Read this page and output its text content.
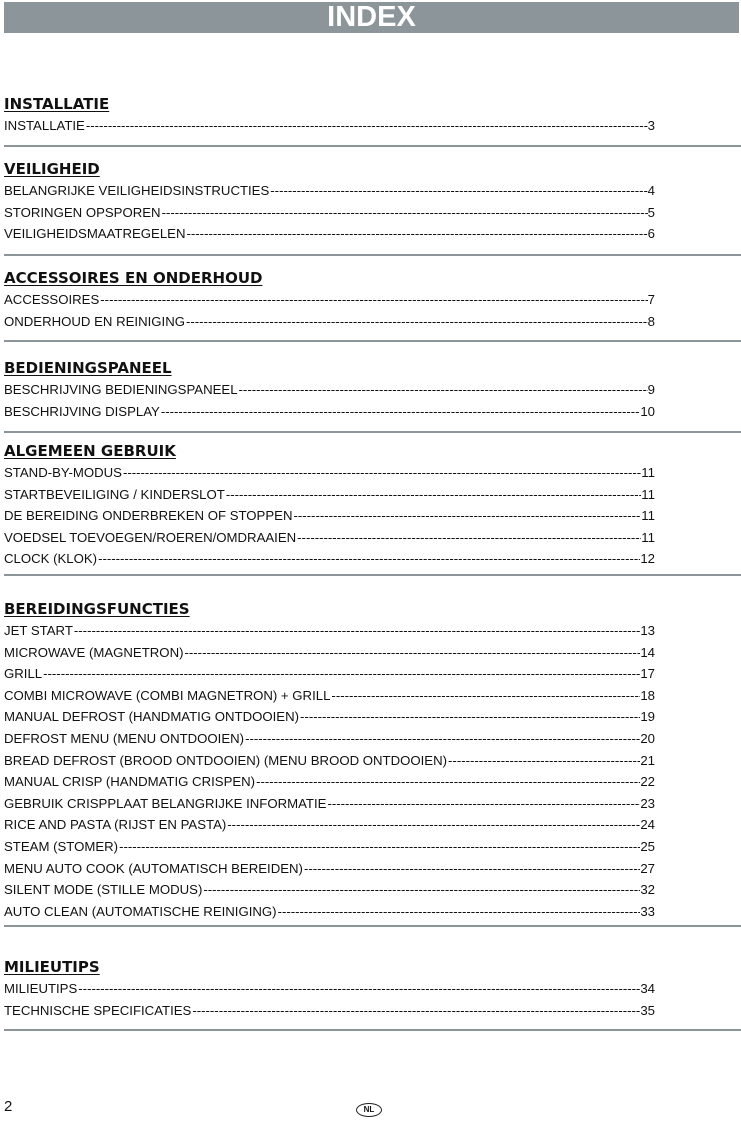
INDEX
INSTALLATIE
INSTALLATIE -----	3
VEILIGHEID
BELANGRIJKE VEILIGHEIDSINSTRUCTIES -----	4
STORINGEN OPSPOREN -----	5
VEILIGHEIDSMAATREGELEN -----	6
ACCESSOIRES EN ONDERHOUD
ACCESSOIRES -----	7
ONDERHOUD EN REINIGING -----	8
BEDIENINGSPANEEL
BESCHRIJVING BEDIENINGSPANEEL -----	9
BESCHRIJVING DISPLAY -----	10
ALGEMEEN GEBRUIK
STAND-BY-MODUS -----	11
STARTBEVEILIGING / KINDERSLOT -----	11
DE BEREIDING ONDERBREKEN OF STOPPEN -----	11
VOEDSEL TOEVOEGEN/ROEREN/OMDRAAIEN -----	11
CLOCK (KLOK) -----	12
BEREIDINGSFUNCTIES
JET START -----	13
MICROWAVE (MAGNETRON) -----	14
GRILL -----	17
COMBI MICROWAVE (COMBI MAGNETRON) + GRILL -----	18
MANUAL DEFROST (HANDMATIG ONTDOOIEN) -----	19
DEFROST MENU (MENU ONTDOOIEN) -----	20
BREAD DEFROST (BROOD ONTDOOIEN) (MENU BROOD ONTDOOIEN) -----	21
MANUAL CRISP (HANDMATIG CRISPEN) -----	22
GEBRUIK CRISPPLAAT BELANGRIJKE INFORMATIE -----	23
RICE AND PASTA (RIJST EN PASTA) -----	24
STEAM (STOMER) -----	25
MENU AUTO COOK (AUTOMATISCH BEREIDEN) -----	27
SILENT MODE (STILLE MODUS) -----	32
AUTO CLEAN (AUTOMATISCHE REINIGING) -----	33
MILIEUTIPS
MILIEUTIPS -----	34
TECHNISCHE SPECIFICATIES -----	35
2	NL
